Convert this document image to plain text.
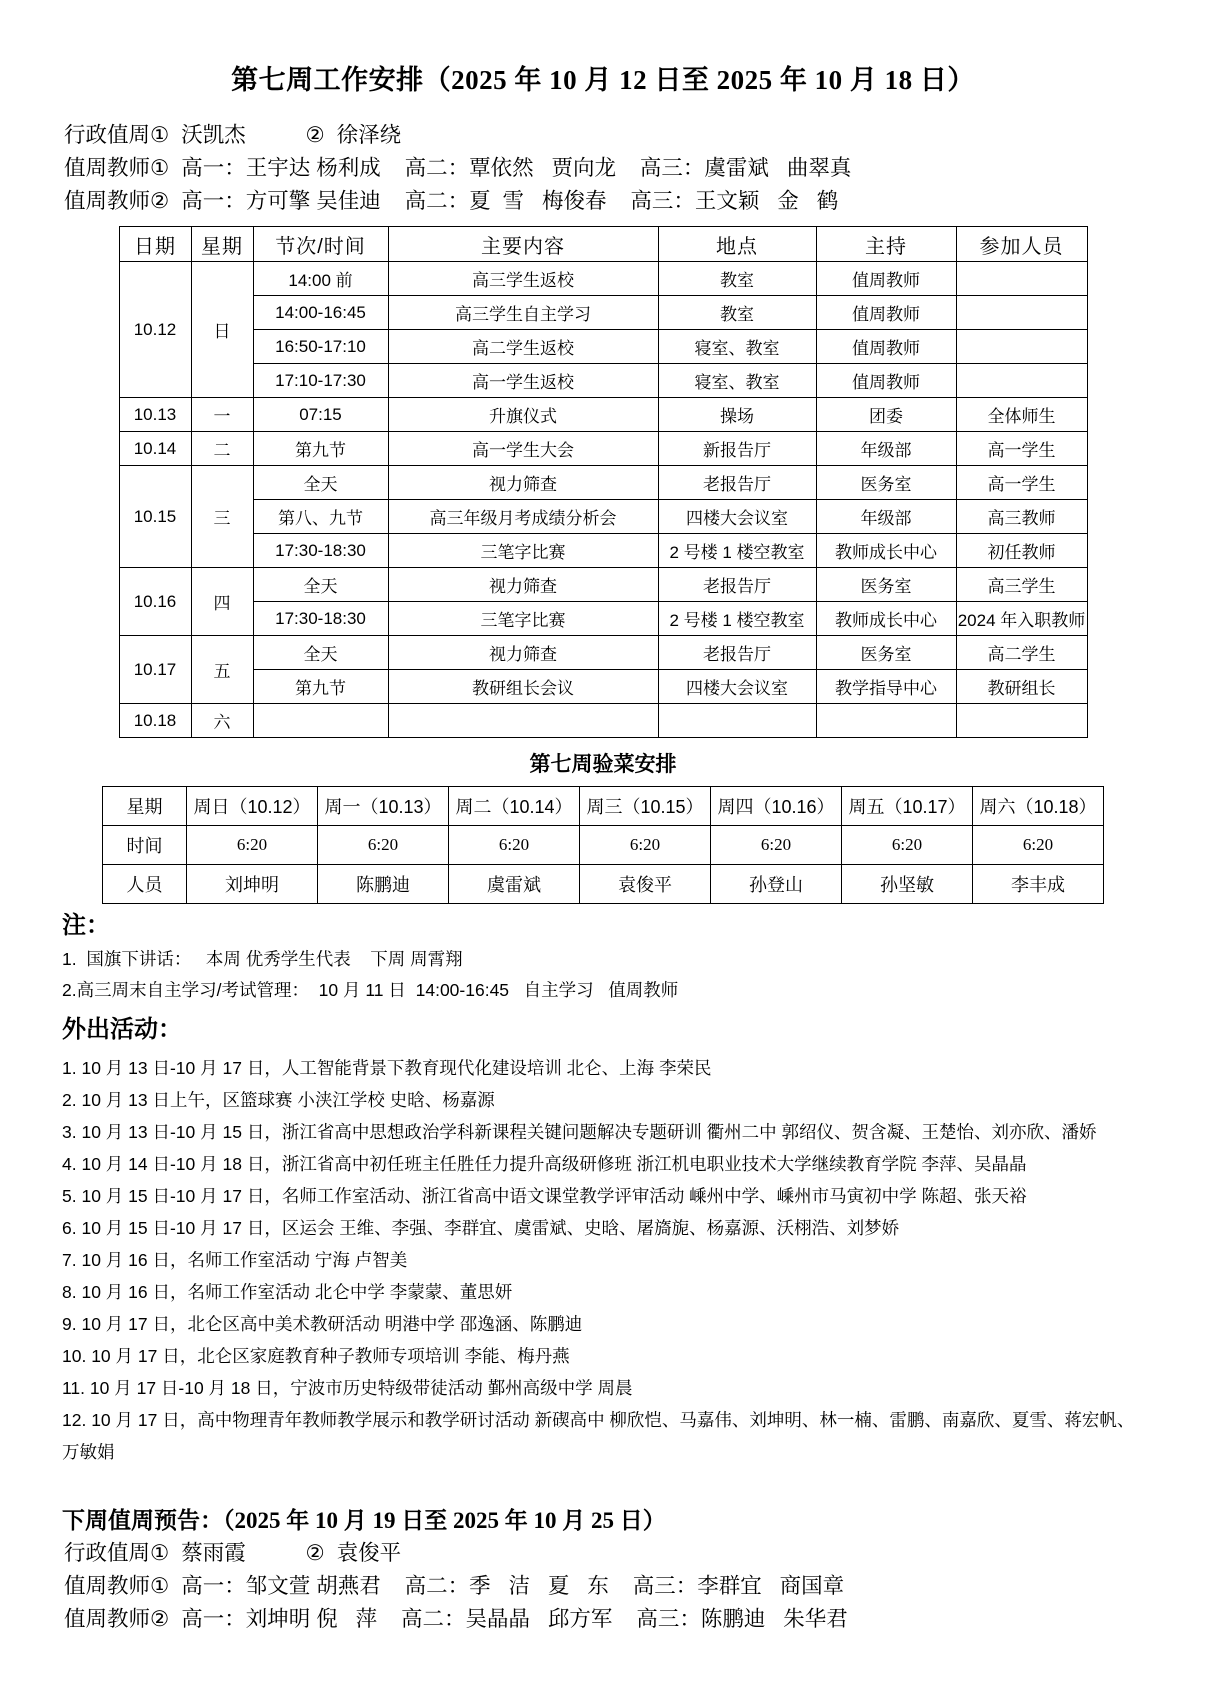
第七周工作安排（2025 年 10 月 12 日至 2025 年 10 月 18 日）
行政值周①  沃凯杰          ②  徐泽绕
值周教师①  高一：王宇达 杨利成    高二：覃依然   贾向龙    高三：虞雷斌   曲翠真
值周教师②  高一：方可擎 吴佳迪    高二：夏  雪   梅俊春    高三：王文颖   金   鹤
日期	星期	节次/时间	主要内容	地点	主持	参加人员
10.12	日	14:00 前	高三学生返校	教室	值周教师	
		14:00-16:45	高三学生自主学习	教室	值周教师	
		16:50-17:10	高二学生返校	寝室、教室	值周教师	
		17:10-17:30	高一学生返校	寝室、教室	值周教师	
10.13	一	07:15	升旗仪式	操场	团委	全体师生
10.14	二	第九节	高一学生大会	新报告厅	年级部	高一学生
10.15	三	全天	视力筛查	老报告厅	医务室	高一学生
		第八、九节	高三年级月考成绩分析会	四楼大会议室	年级部	高三教师
		17:30-18:30	三笔字比赛	2 号楼 1 楼空教室	教师成长中心	初任教师
10.16	四	全天	视力筛查	老报告厅	医务室	高三学生
		17:30-18:30	三笔字比赛	2 号楼 1 楼空教室	教师成长中心	2024 年入职教师
10.17	五	全天	视力筛查	老报告厅	医务室	高二学生
		第九节	教研组长会议	四楼大会议室	教学指导中心	教研组长
10.18	六					
第七周验菜安排
星期	周日（10.12）	周一（10.13）	周二（10.14）	周三（10.15）	周四（10.16）	周五（10.17）	周六（10.18）
时间	6:20	6:20	6:20	6:20	6:20	6:20	6:20
人员	刘坤明	陈鹏迪	虞雷斌	袁俊平	孙登山	孙坚敏	李丰成
注：
1.  国旗下讲话：   本周 优秀学生代表    下周 周霄翔
2.高三周末自主学习/考试管理：  10 月 11 日  14:00-16:45   自主学习   值周教师
外出活动：
1. 10 月 13 日-10 月 17 日，人工智能背景下教育现代化建设培训 北仑、上海 李荣民
2. 10 月 13 日上午，区篮球赛 小浃江学校 史晗、杨嘉源
3. 10 月 13 日-10 月 15 日，浙江省高中思想政治学科新课程关键问题解决专题研训 衢州二中 郭绍仪、贺含凝、王楚怡、刘亦欣、潘娇
4. 10 月 14 日-10 月 18 日，浙江省高中初任班主任胜任力提升高级研修班 浙江机电职业技术大学继续教育学院 李萍、吴晶晶
5. 10 月 15 日-10 月 17 日，名师工作室活动、浙江省高中语文课堂教学评审活动 嵊州中学、嵊州市马寅初中学 陈超、张天裕
6. 10 月 15 日-10 月 17 日，区运会 王维、李强、李群宜、虞雷斌、史晗、屠旖旎、杨嘉源、沃栩浩、刘梦娇
7. 10 月 16 日，名师工作室活动 宁海 卢智美
8. 10 月 16 日，名师工作室活动 北仑中学 李蒙蒙、董思妍
9. 10 月 17 日，北仑区高中美术教研活动 明港中学 邵逸涵、陈鹏迪
10. 10 月 17 日，北仑区家庭教育种子教师专项培训 李能、梅丹燕
11. 10 月 17 日-10 月 18 日，宁波市历史特级带徒活动 鄞州高级中学 周晨
12. 10 月 17 日，高中物理青年教师教学展示和教学研讨活动 新碶高中 柳欣恺、马嘉伟、刘坤明、林一楠、雷鹏、南嘉欣、夏雪、蒋宏帆、万敏娟
下周值周预告：（2025 年 10 月 19 日至 2025 年 10 月 25 日）
行政值周①  蔡雨霞          ②  袁俊平
值周教师①  高一：邹文萱 胡燕君    高二：季   洁   夏   东    高三：李群宜   商国章
值周教师②  高一：刘坤明 倪   萍    高二：吴晶晶   邱方军    高三：陈鹏迪   朱华君
